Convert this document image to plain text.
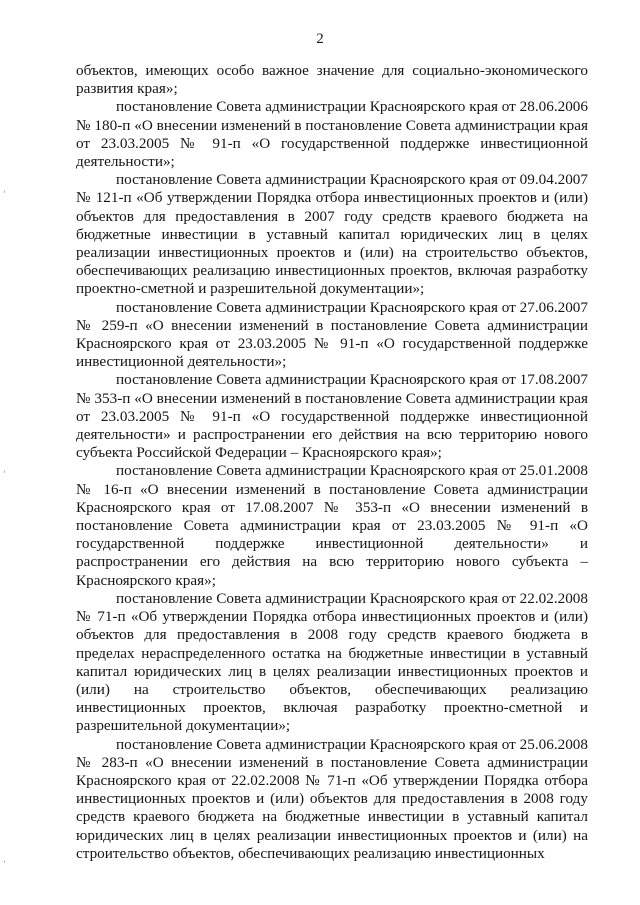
2

объектов, имеющих особо важное значение для социально-экономического развития края»;

постановление Совета администрации Красноярского края от 28.06.2006 № 180-п «О внесении изменений в постановление Совета администрации края от 23.03.2005 № 91-п «О государственной поддержке инвестиционной деятельности»;

постановление Совета администрации Красноярского края от 09.04.2007 № 121-п «Об утверждении Порядка отбора инвестиционных проектов и (или) объектов для предоставления в 2007 году средств краевого бюджета на бюджетные инвестиции в уставный капитал юридических лиц в целях реализации инвестиционных проектов и (или) на строительство объектов, обеспечивающих реализацию инвестиционных проектов, включая разработку проектно-сметной и разрешительной документации»;

постановление Совета администрации Красноярского края от 27.06.2007 № 259-п «О внесении изменений в постановление Совета администрации Красноярского края от 23.03.2005 № 91-п «О государственной поддержке инвестиционной деятельности»;

постановление Совета администрации Красноярского края от 17.08.2007 № 353-п «О внесении изменений в постановление Совета администрации края от 23.03.2005 № 91-п «О государственной поддержке инвестиционной деятельности» и распространении его действия на всю территорию нового субъекта Российской Федерации – Красноярского края»;

постановление Совета администрации Красноярского края от 25.01.2008 № 16-п «О внесении изменений в постановление Совета администрации Красноярского края от 17.08.2007 № 353-п «О внесении изменений в постановление Совета администрации края от 23.03.2005 № 91-п «О государственной поддержке инвестиционной деятельности» и распространении его действия на всю территорию нового субъекта – Красноярского края»;

постановление Совета администрации Красноярского края от 22.02.2008 № 71-п «Об утверждении Порядка отбора инвестиционных проектов и (или) объектов для предоставления в 2008 году средств краевого бюджета в пределах нераспределенного остатка на бюджетные инвестиции в уставный капитал юридических лиц в целях реализации инвестиционных проектов и (или) на строительство объектов, обеспечивающих реализацию инвестиционных проектов, включая разработку проектно-сметной и разрешительной документации»;

постановление Совета администрации Красноярского края от 25.06.2008 № 283-п «О внесении изменений в постановление Совета администрации Красноярского края от 22.02.2008 № 71-п «Об утверждении Порядка отбора инвестиционных проектов и (или) объектов для предоставления в 2008 году средств краевого бюджета на бюджетные инвестиции в уставный капитал юридических лиц в целях реализации инвестиционных проектов и (или) на строительство объектов, обеспечивающих реализацию инвестиционных
